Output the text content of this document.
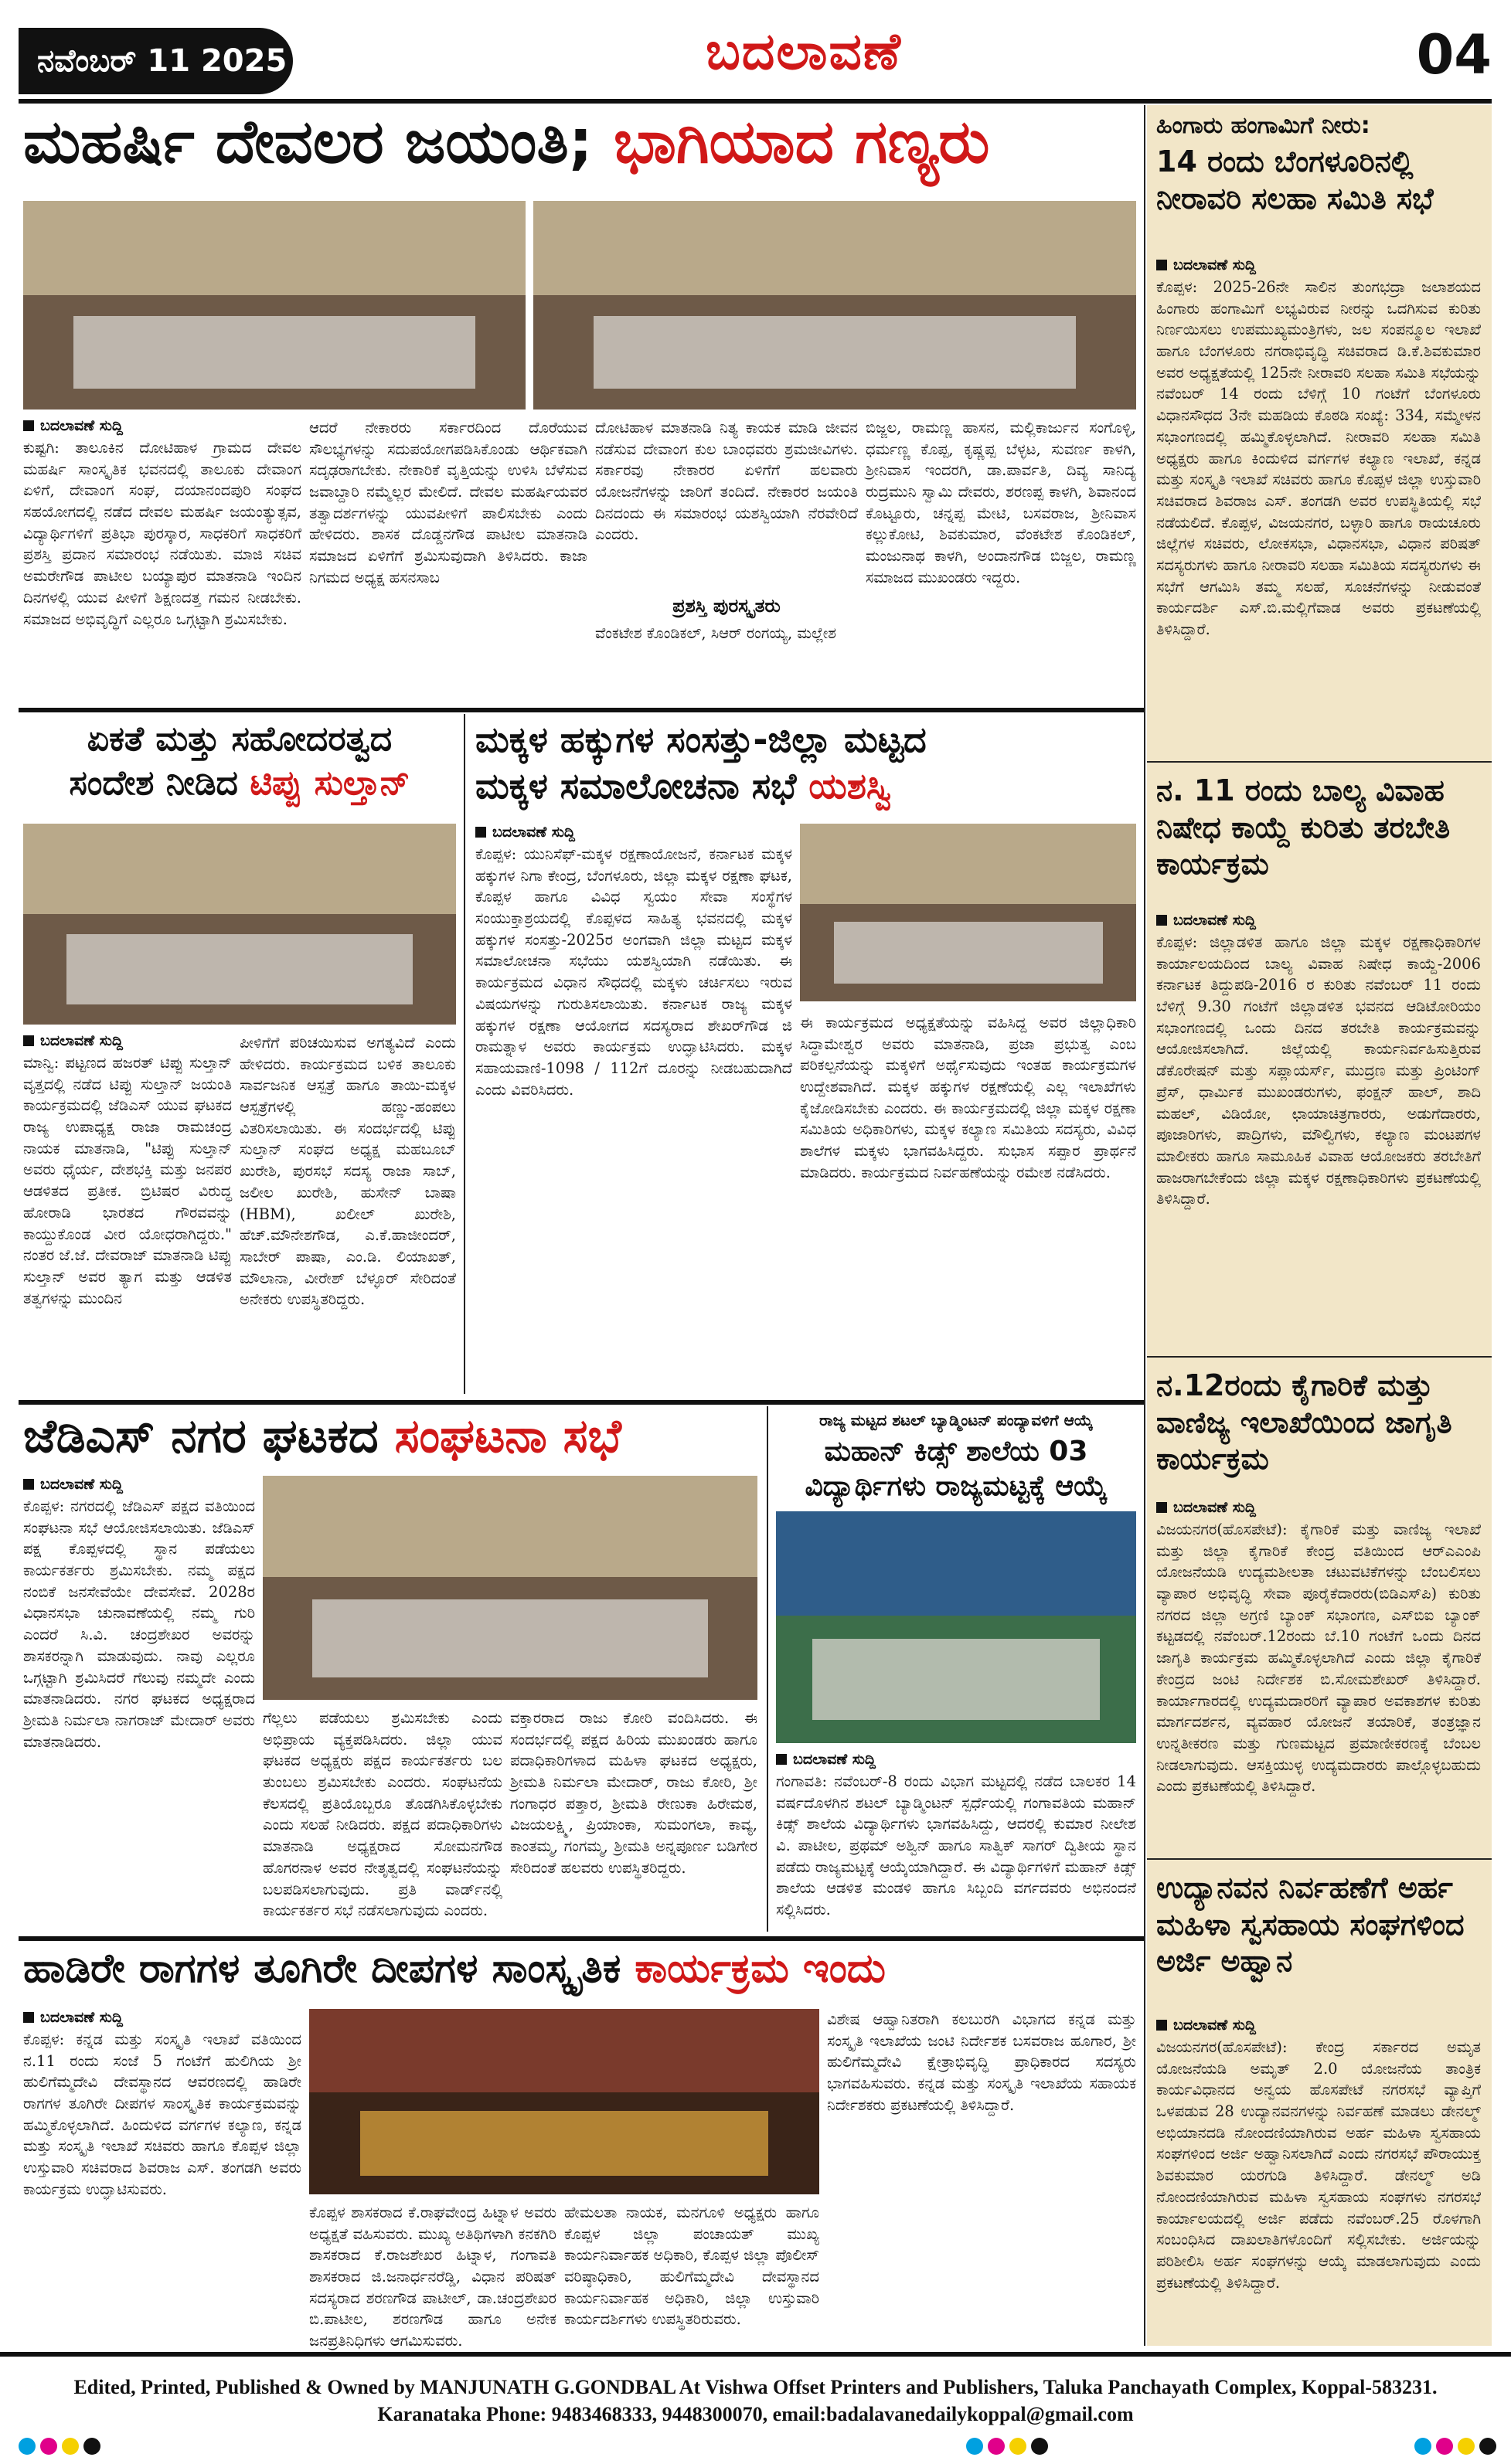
ನವೆಂಬರ್ 11 2025	ಬದಲಾವಣೆ	04
ಮಹರ್ಷಿ ದೇವಲರ ಜಯಂತಿ; ಭಾಗಿಯಾದ ಗಣ್ಯರು
ಬದಲಾವಣೆ ಸುದ್ದಿ
ಕುಷ್ಟಗಿ: ತಾಲೂಕಿನ ದೋಟಿಹಾಳ ಗ್ರಾಮದ ದೇವಲ ಮಹರ್ಷಿ ಸಾಂಸ್ಕೃತಿಕ ಭವನದಲ್ಲಿ ತಾಲೂಕು ದೇವಾಂಗ ಏಳಿಗೆ, ದೇವಾಂಗ ಸಂಘ, ದಯಾನಂದಪುರಿ ಸಂಘದ ಸಹಯೋಗದಲ್ಲಿ ನಡೆದ ದೇವಲ ಮಹರ್ಷಿ ಜಯಂತ್ಯುತ್ಸವ, ವಿದ್ಯಾರ್ಥಿಗಳಿಗೆ ಪ್ರತಿಭಾ ಪುರಸ್ಕಾರ, ಸಾಧಕರಿಗೆ ಸಾಧಕರಿಗೆ ಪ್ರಶಸ್ತಿ ಪ್ರದಾನ ಸಮಾರಂಭ ನಡೆಯಿತು. ಮಾಜಿ ಸಚಿವ ಅಮರೇಗೌಡ ಪಾಟೀಲ ಬಯ್ಯಾಪುರ ಮಾತನಾಡಿ ಇಂದಿನ ದಿನಗಳಲ್ಲಿ ಯುವ ಪೀಳಿಗೆ ಶಿಕ್ಷಣದತ್ತ ಗಮನ ನೀಡಬೇಕು. ಸಮಾಜದ ಅಭಿವೃದ್ಧಿಗೆ ಎಲ್ಲರೂ ಒಗ್ಗಟ್ಟಾಗಿ ಶ್ರಮಿಸಬೇಕು.
ಆದರೆ ನೇಕಾರರು ಸರ್ಕಾರದಿಂದ ದೊರೆಯುವ ಸೌಲಭ್ಯಗಳನ್ನು ಸದುಪಯೋಗಪಡಿಸಿಕೊಂಡು ಆರ್ಥಿಕವಾಗಿ ಸದೃಢರಾಗಬೇಕು. ನೇಕಾರಿಕೆ ವೃತ್ತಿಯನ್ನು ಉಳಿಸಿ ಬೆಳೆಸುವ ಜವಾಬ್ದಾರಿ ನಮ್ಮೆಲ್ಲರ ಮೇಲಿದೆ. ದೇವಲ ಮಹರ್ಷಿಯವರ ತತ್ವಾದರ್ಶಗಳನ್ನು ಯುವಪೀಳಿಗೆ ಪಾಲಿಸಬೇಕು ಎಂದು ಹೇಳಿದರು. ಶಾಸಕ ದೊಡ್ಡನಗೌಡ ಪಾಟೀಲ ಮಾತನಾಡಿ ಸಮಾಜದ ಏಳಿಗೆಗೆ ಶ್ರಮಿಸುವುದಾಗಿ ತಿಳಿಸಿದರು. ಕಾಜಾ ನಿಗಮದ ಅಧ್ಯಕ್ಷ ಹಸನಸಾಬ
ದೋಟಿಹಾಳ ಮಾತನಾಡಿ ನಿತ್ಯ ಕಾಯಕ ಮಾಡಿ ಜೀವನ ನಡೆಸುವ ದೇವಾಂಗ ಕುಲ ಬಾಂಧವರು ಶ್ರಮಜೀವಿಗಳು. ಸರ್ಕಾರವು ನೇಕಾರರ ಏಳಿಗೆಗೆ ಹಲವಾರು ಯೋಜನೆಗಳನ್ನು ಜಾರಿಗೆ ತಂದಿದೆ. ನೇಕಾರರ ಜಯಂತಿ ದಿನದಂದು ಈ ಸಮಾರಂಭ ಯಶಸ್ವಿಯಾಗಿ ನೆರವೇರಿದೆ ಎಂದರು.
ಪ್ರಶಸ್ತಿ ಪುರಸ್ಕೃತರು
ವೆಂಕಟೇಶ ಕೊಂಡಿಕಲ್, ಸಿಆರ್ ರಂಗಯ್ಯ, ಮಲ್ಲೇಶ
ಬಿಜ್ಜಲ, ರಾಮಣ್ಣ ಹಾಸನ, ಮಲ್ಲಿಕಾರ್ಜುನ ಸಂಗೊಳ್ಳಿ, ಧರ್ಮಣ್ಣ ಕೊಪ್ಪ, ಕೃಷ್ಣಪ್ಪ ಬೆಳ್ಳಟ, ಸುವರ್ಣ ಕಾಳಗಿ, ಶ್ರೀನಿವಾಸ ಇಂದರಗಿ, ಡಾ.ಪಾರ್ವತಿ, ದಿವ್ಯ ಸಾನಿದ್ಯ ರುದ್ರಮುನಿ ಸ್ವಾಮಿ ದೇವರು, ಶರಣಪ್ಪ ಕಾಳಗಿ, ಶಿವಾನಂದ ಕೊಟ್ಟೂರು, ಚನ್ನಪ್ಪ ಮೇಟಿ, ಬಸವರಾಜ, ಶ್ರೀನಿವಾಸ ಕಲ್ಲುಕೋಟಿ, ಶಿವಕುಮಾರ, ವೆಂಕಟೇಶ ಕೊಂಡಿಕಲ್, ಮಂಜುನಾಥ ಕಾಳಗಿ, ಅಂದಾನಗೌಡ ಬಿಜ್ಜಲ, ರಾಮಣ್ಣ ಸಮಾಜದ ಮುಖಂಡರು ಇದ್ದರು.
ಹಿಂಗಾರು ಹಂಗಾಮಿಗೆ ನೀರು:
14 ರಂದು ಬೆಂಗಳೂರಿನಲ್ಲಿ ನೀರಾವರಿ ಸಲಹಾ ಸಮಿತಿ ಸಭೆ
ಬದಲಾವಣೆ ಸುದ್ದಿ
ಕೊಪ್ಪಳ: 2025-26ನೇ ಸಾಲಿನ ತುಂಗಭದ್ರಾ ಜಲಾಶಯದ ಹಿಂಗಾರು ಹಂಗಾಮಿಗೆ ಲಭ್ಯವಿರುವ ನೀರನ್ನು ಒದಗಿಸುವ ಕುರಿತು ನಿರ್ಣಯಿಸಲು ಉಪಮುಖ್ಯಮಂತ್ರಿಗಳು, ಜಲ ಸಂಪನ್ಮೂಲ ಇಲಾಖೆ ಹಾಗೂ ಬೆಂಗಳೂರು ನಗರಾಭಿವೃದ್ಧಿ ಸಚಿವರಾದ ಡಿ.ಕೆ.ಶಿವಕುಮಾರ ಅವರ ಅಧ್ಯಕ್ಷತೆಯಲ್ಲಿ 125ನೇ ನೀರಾವರಿ ಸಲಹಾ ಸಮಿತಿ ಸಭೆಯನ್ನು ನವೆಂಬರ್ 14 ರಂದು ಬೆಳಿಗ್ಗೆ 10 ಗಂಟೆಗೆ ಬೆಂಗಳೂರು ವಿಧಾನಸೌಧದ 3ನೇ ಮಹಡಿಯ ಕೊಠಡಿ ಸಂಖ್ಯೆ: 334, ಸಮ್ಮೇಳನ ಸಭಾಂಗಣದಲ್ಲಿ ಹಮ್ಮಿಕೊಳ್ಳಲಾಗಿದೆ. ನೀರಾವರಿ ಸಲಹಾ ಸಮಿತಿ ಅಧ್ಯಕ್ಷರು ಹಾಗೂ ಕಿಂದುಳಿದ ವರ್ಗಗಳ ಕಲ್ಯಾಣ ಇಲಾಖೆ, ಕನ್ನಡ ಮತ್ತು ಸಂಸ್ಕೃತಿ ಇಲಾಖೆ ಸಚಿವರು ಹಾಗೂ ಕೊಪ್ಪಳ ಜಿಲ್ಲಾ ಉಸ್ತುವಾರಿ ಸಚಿವರಾದ ಶಿವರಾಜ ಎಸ್. ತಂಗಡಗಿ ಅವರ ಉಪಸ್ಥಿತಿಯಲ್ಲಿ ಸಭೆ ನಡೆಯಲಿದೆ. ಕೊಪ್ಪಳ, ವಿಜಯನಗರ, ಬಳ್ಳಾರಿ ಹಾಗೂ ರಾಯಚೂರು ಜಿಲ್ಲೆಗಳ ಸಚಿವರು, ಲೋಕಸಭಾ, ವಿಧಾನಸಭಾ, ವಿಧಾನ ಪರಿಷತ್ ಸದಸ್ಯರುಗಳು ಹಾಗೂ ನೀರಾವರಿ ಸಲಹಾ ಸಮಿತಿಯ ಸದಸ್ಯರುಗಳು ಈ ಸಭೆಗೆ ಆಗಮಿಸಿ ತಮ್ಮ ಸಲಹೆ, ಸೂಚನೆಗಳನ್ನು ನೀಡುವಂತೆ ಕಾರ್ಯದರ್ಶಿ ಎಸ್.ಬಿ.ಮಲ್ಲಿಗೆವಾಡ ಅವರು ಪ್ರಕಟಣೆಯಲ್ಲಿ ತಿಳಿಸಿದ್ದಾರೆ.
ನ. 11 ರಂದು ಬಾಲ್ಯ ವಿವಾಹ ನಿಷೇಧ ಕಾಯ್ದೆ ಕುರಿತು ತರಬೇತಿ ಕಾರ್ಯಕ್ರಮ
ಬದಲಾವಣೆ ಸುದ್ದಿ
ಕೊಪ್ಪಳ: ಜಿಲ್ಲಾಡಳಿತ ಹಾಗೂ ಜಿಲ್ಲಾ ಮಕ್ಕಳ ರಕ್ಷಣಾಧಿಕಾರಿಗಳ ಕಾರ್ಯಾಲಯದಿಂದ ಬಾಲ್ಯ ವಿವಾಹ ನಿಷೇಧ ಕಾಯ್ದೆ-2006 ಕರ್ನಾಟಕ ತಿದ್ದುಪಡಿ-2016 ರ ಕುರಿತು ನವೆಂಬರ್ 11 ರಂದು ಬೆಳಿಗ್ಗೆ 9.30 ಗಂಟೆಗೆ ಜಿಲ್ಲಾಡಳಿತ ಭವನದ ಆಡಿಟೋರಿಯಂ ಸಭಾಂಗಣದಲ್ಲಿ ಒಂದು ದಿನದ ತರಬೇತಿ ಕಾರ್ಯಕ್ರಮವನ್ನು ಆಯೋಜಿಸಲಾಗಿದೆ. ಜಿಲ್ಲೆಯಲ್ಲಿ ಕಾರ್ಯನಿರ್ವಹಿಸುತ್ತಿರುವ ಡೆಕೊರೇಷನ್ ಮತ್ತು ಸಪ್ಲಾಯರ್ಸ್, ಮುದ್ರಣ ಮತ್ತು ಪ್ರಿಂಟಿಂಗ್ ಪ್ರೆಸ್, ಧಾರ್ಮಿಕ ಮುಖಂಡರುಗಳು, ಫಂಕ್ಷನ್ ಹಾಲ್, ಶಾದಿ ಮಹಲ್, ವಿಡಿಯೋ, ಛಾಯಾಚಿತ್ರಗಾರರು, ಅಡುಗೆದಾರರು, ಪೂಜಾರಿಗಳು, ಪಾದ್ರಿಗಳು, ಮೌಲ್ವಿಗಳು, ಕಲ್ಯಾಣ ಮಂಟಪಗಳ ಮಾಲೀಕರು ಹಾಗೂ ಸಾಮೂಹಿಕ ವಿವಾಹ ಆಯೋಜಕರು ತರಬೇತಿಗೆ ಹಾಜರಾಗಬೇಕೆಂದು ಜಿಲ್ಲಾ ಮಕ್ಕಳ ರಕ್ಷಣಾಧಿಕಾರಿಗಳು ಪ್ರಕಟಣೆಯಲ್ಲಿ ತಿಳಿಸಿದ್ದಾರೆ.
ನ.12ರಂದು ಕೈಗಾರಿಕೆ ಮತ್ತು ವಾಣಿಜ್ಯ ಇಲಾಖೆಯಿಂದ ಜಾಗೃತಿ ಕಾರ್ಯಕ್ರಮ
ಬದಲಾವಣೆ ಸುದ್ದಿ
ವಿಜಯನಗರ(ಹೊಸಪೇಟೆ): ಕೈಗಾರಿಕೆ ಮತ್ತು ವಾಣಿಜ್ಯ ಇಲಾಖೆ ಮತ್ತು ಜಿಲ್ಲಾ ಕೈಗಾರಿಕೆ ಕೇಂದ್ರ ವತಿಯಿಂದ ಆರ್‌ಎಎಂಪಿ ಯೋಜನೆಯಡಿ ಉದ್ಯಮಶೀಲತಾ ಚಟುವಟಿಕೆಗಳನ್ನು ಬೆಂಬಲಿಸಲು ವ್ಯಾಪಾರ ಅಭಿವೃದ್ಧಿ ಸೇವಾ ಪೂರೈಕೆದಾರರು(ಬಿಡಿಎಸ್‌ಪಿ) ಕುರಿತು ನಗರದ ಜಿಲ್ಲಾ ಅಗ್ರಣಿ ಬ್ಯಾಂಕ್ ಸಭಾಂಗಣ, ಎಸ್‌ಬಿಐ ಬ್ಯಾಂಕ್ ಕಟ್ಟಡದಲ್ಲಿ ನವೆಂಬರ್.12ರಂದು ಬೆ.10 ಗಂಟೆಗೆ ಒಂದು ದಿನದ ಜಾಗೃತಿ ಕಾರ್ಯಕ್ರಮ ಹಮ್ಮಿಕೊಳ್ಳಲಾಗಿದೆ ಎಂದು ಜಿಲ್ಲಾ ಕೈಗಾರಿಕೆ ಕೇಂದ್ರದ ಜಂಟಿ ನಿರ್ದೇಶಕ ಬಿ.ಸೋಮಶೇಖರ್ ತಿಳಿಸಿದ್ದಾರೆ. ಕಾರ್ಯಾಗಾರದಲ್ಲಿ ಉದ್ಯಮದಾರರಿಗೆ ವ್ಯಾಪಾರ ಅವಕಾಶಗಳ ಕುರಿತು ಮಾರ್ಗದರ್ಶನ, ವ್ಯವಹಾರ ಯೋಜನೆ ತಯಾರಿಕೆ, ತಂತ್ರಜ್ಞಾನ ಉನ್ನತೀಕರಣ ಮತ್ತು ಗುಣಮಟ್ಟದ ಪ್ರಮಾಣೀಕರಣಕ್ಕೆ ಬೆಂಬಲ ನೀಡಲಾಗುವುದು. ಆಸಕ್ತಿಯುಳ್ಳ ಉದ್ಯಮದಾರರು ಪಾಲ್ಗೊಳ್ಳಬಹುದು ಎಂದು ಪ್ರಕಟಣೆಯಲ್ಲಿ ತಿಳಿಸಿದ್ದಾರೆ.
ಉದ್ಯಾನವನ ನಿರ್ವಹಣೆಗೆ ಅರ್ಹ ಮಹಿಳಾ ಸ್ವಸಹಾಯ ಸಂಘಗಳಿಂದ ಅರ್ಜಿ ಅಹ್ವಾನ
ಬದಲಾವಣೆ ಸುದ್ದಿ
ವಿಜಯನಗರ(ಹೊಸಪೇಟೆ): ಕೇಂದ್ರ ಸರ್ಕಾರದ ಅಮೃತ ಯೋಜನೆಯಡಿ ಅಮೃತ್ 2.0 ಯೋಜನೆಯ ತಾಂತ್ರಿಕ ಕಾರ್ಯವಿಧಾನದ ಅನ್ವಯ ಹೊಸಪೇಟೆ ನಗರಸಭೆ ವ್ಯಾಪ್ತಿಗೆ ಒಳಪಡುವ 28 ಉದ್ಯಾನವನಗಳನ್ನು ನಿರ್ವಹಣೆ ಮಾಡಲು ಡೇನಲ್ಮ್ ಅಭಿಯಾನದಡಿ ನೋಂದಣಿಯಾಗಿರುವ ಅರ್ಹ ಮಹಿಳಾ ಸ್ವಸಹಾಯ ಸಂಘಗಳಿಂದ ಅರ್ಜಿ ಅಹ್ವಾನಿಸಲಾಗಿದೆ ಎಂದು ನಗರಸಭೆ ಪೌರಾಯುಕ್ತ ಶಿವಕುಮಾರ ಯರಗುಡಿ ತಿಳಿಸಿದ್ದಾರೆ. ಡೇನಲ್ಮ್ ಅಡಿ ನೋಂದಣಿಯಾಗಿರುವ ಮಹಿಳಾ ಸ್ವಸಹಾಯ ಸಂಘಗಳು ನಗರಸಭೆ ಕಾರ್ಯಾಲಯದಲ್ಲಿ ಅರ್ಜಿ ಪಡೆದು ನವೆಂಬರ್.25 ರೊಳಗಾಗಿ ಸಂಬಂಧಿಸಿದ ದಾಖಲಾತಿಗಳೊಂದಿಗೆ ಸಲ್ಲಿಸಬೇಕು. ಅರ್ಜಿಯನ್ನು ಪರಿಶೀಲಿಸಿ ಅರ್ಹ ಸಂಘಗಳನ್ನು ಆಯ್ಕೆ ಮಾಡಲಾಗುವುದು ಎಂದು ಪ್ರಕಟಣೆಯಲ್ಲಿ ತಿಳಿಸಿದ್ದಾರೆ.
ಏಕತೆ ಮತ್ತು ಸಹೋದರತ್ವದ
ಸಂದೇಶ ನೀಡಿದ ಟಿಪ್ಪು ಸುಲ್ತಾನ್
ಬದಲಾವಣೆ ಸುದ್ದಿ
ಮಾನ್ವಿ: ಪಟ್ಟಣದ ಹಜರತ್ ಟಿಪ್ಪು ಸುಲ್ತಾನ್ ವೃತ್ತದಲ್ಲಿ ನಡೆದ ಟಿಪ್ಪು ಸುಲ್ತಾನ್ ಜಯಂತಿ ಕಾರ್ಯಕ್ರಮದಲ್ಲಿ ಜೆಡಿಎಸ್ ಯುವ ಘಟಕದ ರಾಜ್ಯ ಉಪಾಧ್ಯಕ್ಷ ರಾಜಾ ರಾಮಚಂದ್ರ ನಾಯಕ ಮಾತನಾಡಿ, "ಟಿಪ್ಪು ಸುಲ್ತಾನ್ ಅವರು ಧೈರ್ಯ, ದೇಶಭಕ್ತಿ ಮತ್ತು ಜನಪರ ಆಡಳಿತದ ಪ್ರತೀಕ. ಬ್ರಿಟಿಷರ ವಿರುದ್ಧ ಹೋರಾಡಿ ಭಾರತದ ಗೌರವವನ್ನು ಕಾಯ್ದುಕೊಂಡ ವೀರ ಯೋಧರಾಗಿದ್ದರು." ನಂತರ ಜೆ.ಜೆ. ದೇವರಾಜ್ ಮಾತನಾಡಿ ಟಿಪ್ಪು ಸುಲ್ತಾನ್ ಅವರ ತ್ಯಾಗ ಮತ್ತು ಆಡಳಿತ ತತ್ವಗಳನ್ನು ಮುಂದಿನ
ಪೀಳಿಗೆಗೆ ಪರಿಚಯಿಸುವ ಅಗತ್ಯವಿದೆ ಎಂದು ಹೇಳಿದರು. ಕಾರ್ಯಕ್ರಮದ ಬಳಿಕ ತಾಲೂಕು ಸಾರ್ವಜನಿಕ ಆಸ್ಪತ್ರೆ ಹಾಗೂ ತಾಯಿ-ಮಕ್ಕಳ ಆಸ್ಪತ್ರೆಗಳಲ್ಲಿ ಹಣ್ಣು-ಹಂಪಲು ವಿತರಿಸಲಾಯಿತು. ಈ ಸಂದರ್ಭದಲ್ಲಿ ಟಿಪ್ಪು ಸುಲ್ತಾನ್ ಸಂಘದ ಅಧ್ಯಕ್ಷ ಮಹಬೂಬ್ ಖುರೇಶಿ, ಪುರಸಭೆ ಸದಸ್ಯ ರಾಜಾ ಸಾಬ್, ಜಲೀಲ ಖುರೇಶಿ, ಹುಸೇನ್ ಬಾಷಾ (HBM), ಖಲೀಲ್ ಖುರೇಶಿ, ಹೆಚ್.ಮೌನೇಶಗೌಡ, ಎ.ಕೆ.ಹಾಜೀಂದರ್, ಸಾಬೇರ್ ಪಾಷಾ, ಎಂ.ಡಿ. ಲಿಯಾಖತ್, ಮೌಲಾನಾ, ವೀರೇಶ್ ಬೆಳ್ಳೂರ್ ಸೇರಿದಂತೆ ಅನೇಕರು ಉಪಸ್ಥಿತರಿದ್ದರು.
ಮಕ್ಕಳ ಹಕ್ಕುಗಳ ಸಂಸತ್ತು-ಜಿಲ್ಲಾ ಮಟ್ಟದ
ಮಕ್ಕಳ ಸಮಾಲೋಚನಾ ಸಭೆ ಯಶಸ್ವಿ
ಬದಲಾವಣೆ ಸುದ್ದಿ
ಕೊಪ್ಪಳ: ಯುನಿಸೆಫ್-ಮಕ್ಕಳ ರಕ್ಷಣಾಯೋಜನೆ, ಕರ್ನಾಟಕ ಮಕ್ಕಳ ಹಕ್ಕುಗಳ ನಿಗಾ ಕೇಂದ್ರ, ಬೆಂಗಳೂರು, ಜಿಲ್ಲಾ ಮಕ್ಕಳ ರಕ್ಷಣಾ ಘಟಕ, ಕೊಪ್ಪಳ ಹಾಗೂ ವಿವಿಧ ಸ್ವಯಂ ಸೇವಾ ಸಂಸ್ಥೆಗಳ ಸಂಯುಕ್ತಾಶ್ರಯದಲ್ಲಿ ಕೊಪ್ಪಳದ ಸಾಹಿತ್ಯ ಭವನದಲ್ಲಿ ಮಕ್ಕಳ ಹಕ್ಕುಗಳ ಸಂಸತ್ತು-2025ರ ಅಂಗವಾಗಿ ಜಿಲ್ಲಾ ಮಟ್ಟದ ಮಕ್ಕಳ ಸಮಾಲೋಚನಾ ಸಭೆಯು ಯಶಸ್ವಿಯಾಗಿ ನಡೆಯಿತು. ಈ ಕಾರ್ಯಕ್ರಮದ ವಿಧಾನ ಸೌಧದಲ್ಲಿ ಮಕ್ಕಳು ಚರ್ಚಿಸಲು ಇರುವ ವಿಷಯಗಳನ್ನು ಗುರುತಿಸಲಾಯಿತು. ಕರ್ನಾಟಕ ರಾಜ್ಯ ಮಕ್ಕಳ ಹಕ್ಕುಗಳ ರಕ್ಷಣಾ ಆಯೋಗದ ಸದಸ್ಯರಾದ ಶೇಖರ್‌ಗೌಡ ಜಿ ರಾಮತ್ನಾಳ ಅವರು ಕಾರ್ಯಕ್ರಮ ಉದ್ಘಾಟಿಸಿದರು. ಮಕ್ಕಳ ಸಹಾಯವಾಣಿ-1098 / 112ಗೆ ದೂರನ್ನು ನೀಡಬಹುದಾಗಿದೆ ಎಂದು ವಿವರಿಸಿದರು.
ಈ ಕಾರ್ಯಕ್ರಮದ ಅಧ್ಯಕ್ಷತೆಯನ್ನು ವಹಿಸಿದ್ದ ಅವರ ಜಿಲ್ಲಾಧಿಕಾರಿ ಸಿದ್ಧಾಮೇಶ್ವರ ಅವರು ಮಾತನಾಡಿ, ಪ್ರಜಾ ಪ್ರಭುತ್ವ ಎಂಬ ಪರಿಕಲ್ಪನೆಯನ್ನು ಮಕ್ಕಳಿಗೆ ಅರ್ಥೈಸುವುದು ಇಂತಹ ಕಾರ್ಯಕ್ರಮಗಳ ಉದ್ದೇಶವಾಗಿದೆ. ಮಕ್ಕಳ ಹಕ್ಕುಗಳ ರಕ್ಷಣೆಯಲ್ಲಿ ಎಲ್ಲ ಇಲಾಖೆಗಳು ಕೈಜೋಡಿಸಬೇಕು ಎಂದರು. ಈ ಕಾರ್ಯಕ್ರಮದಲ್ಲಿ ಜಿಲ್ಲಾ ಮಕ್ಕಳ ರಕ್ಷಣಾ ಸಮಿತಿಯ ಅಧಿಕಾರಿಗಳು, ಮಕ್ಕಳ ಕಲ್ಯಾಣ ಸಮಿತಿಯ ಸದಸ್ಯರು, ವಿವಿಧ ಶಾಲೆಗಳ ಮಕ್ಕಳು ಭಾಗವಹಿಸಿದ್ದರು. ಸುಭಾಸ ಸಪ್ಪಾರ ಪ್ರಾರ್ಥನೆ ಮಾಡಿದರು. ಕಾರ್ಯಕ್ರಮದ ನಿರ್ವಹಣೆಯನ್ನು ರಮೇಶ ನಡೆಸಿದರು.
ಜೆಡಿಎಸ್ ನಗರ ಘಟಕದ ಸಂಘಟನಾ ಸಭೆ
ಬದಲಾವಣೆ ಸುದ್ದಿ
ಕೊಪ್ಪಳ: ನಗರದಲ್ಲಿ ಜೆಡಿಎಸ್ ಪಕ್ಷದ ವತಿಯಿಂದ ಸಂಘಟನಾ ಸಭೆ ಆಯೋಜಿಸಲಾಯಿತು. ಜೆಡಿಎಸ್ ಪಕ್ಷ ಕೊಪ್ಪಳದಲ್ಲಿ ಸ್ಥಾನ ಪಡೆಯಲು ಕಾರ್ಯಕರ್ತರು ಶ್ರಮಿಸಬೇಕು. ನಮ್ಮ ಪಕ್ಷದ ನಂಬಿಕೆ ಜನಸೇವೆಯೇ ದೇವಸೇವೆ. 2028ರ ವಿಧಾನಸಭಾ ಚುನಾವಣೆಯಲ್ಲಿ ನಮ್ಮ ಗುರಿ ಎಂದರೆ ಸಿ.ವಿ. ಚಂದ್ರಶೇಖರ ಅವರನ್ನು ಶಾಸಕರನ್ನಾಗಿ ಮಾಡುವುದು. ನಾವು ಎಲ್ಲರೂ ಒಗ್ಗಟ್ಟಾಗಿ ಶ್ರಮಿಸಿದರೆ ಗೆಲುವು ನಮ್ಮದೇ ಎಂದು ಮಾತನಾಡಿದರು. ನಗರ ಘಟಕದ ಅಧ್ಯಕ್ಷರಾದ ಶ್ರೀಮತಿ ನಿರ್ಮಲಾ ನಾಗರಾಜ್ ಮೇದಾರ್ ಅವರು ಮಾತನಾಡಿದರು.
ಗೆಲ್ಲಲು ಪಡೆಯಲು ಶ್ರಮಿಸಬೇಕು ಎಂದು ಅಭಿಪ್ರಾಯ ವ್ಯಕ್ತಪಡಿಸಿದರು. ಜಿಲ್ಲಾ ಯುವ ಘಟಕದ ಅಧ್ಯಕ್ಷರು ಪಕ್ಷದ ಕಾರ್ಯಕರ್ತರು ಬಲ ತುಂಬಲು ಶ್ರಮಿಸಬೇಕು ಎಂದರು. ಸಂಘಟನೆಯ ಕೆಲಸದಲ್ಲಿ ಪ್ರತಿಯೊಬ್ಬರೂ ತೊಡಗಿಸಿಕೊಳ್ಳಬೇಕು ಎಂದು ಸಲಹೆ ನೀಡಿದರು. ಪಕ್ಷದ ಪದಾಧಿಕಾರಿಗಳು ಮಾತನಾಡಿ ಅಧ್ಯಕ್ಷರಾದ ಸೋಮನಗೌಡ ಹೊಗರನಾಳ ಅವರ ನೇತೃತ್ವದಲ್ಲಿ ಸಂಘಟನೆಯನ್ನು ಬಲಪಡಿಸಲಾಗುವುದು. ಪ್ರತಿ ವಾರ್ಡ್‌ನಲ್ಲಿ ಕಾರ್ಯಕರ್ತರ ಸಭೆ ನಡೆಸಲಾಗುವುದು ಎಂದರು.
ವಕ್ತಾರರಾದ ರಾಜು ಕೋರಿ ವಂದಿಸಿದರು. ಈ ಸಂದರ್ಭದಲ್ಲಿ ಪಕ್ಷದ ಹಿರಿಯ ಮುಖಂಡರು ಹಾಗೂ ಪದಾಧಿಕಾರಿಗಳಾದ ಮಹಿಳಾ ಘಟಕದ ಅಧ್ಯಕ್ಷರು, ಶ್ರೀಮತಿ ನಿರ್ಮಲಾ ಮೇದಾರ್, ರಾಜು ಕೋರಿ, ಶ್ರೀ ಗಂಗಾಧರ ಪತ್ತಾರ, ಶ್ರೀಮತಿ ರೇಣುಕಾ ಹಿರೇಮಠ, ವಿಜಯಲಕ್ಷ್ಮಿ, ಪ್ರಿಯಾಂಕಾ, ಸುಮಂಗಲಾ, ಕಾವ್ಯ, ಕಾಂತಮ್ಮ, ಗಂಗಮ್ಮ, ಶ್ರೀಮತಿ ಅನ್ನಪೂರ್ಣ ಬಡಿಗೇರ ಸೇರಿದಂತೆ ಹಲವರು ಉಪಸ್ಥಿತರಿದ್ದರು.
ರಾಜ್ಯ ಮಟ್ಟದ ಶಟಲ್ ಬ್ಯಾಡ್ಮಿಂಟನ್ ಪಂದ್ಯಾವಳಿಗೆ ಆಯ್ಕೆ
ಮಹಾನ್ ಕಿಡ್ಸ್ ಶಾಲೆಯ 03 ವಿದ್ಯಾರ್ಥಿಗಳು ರಾಜ್ಯಮಟ್ಟಕ್ಕೆ ಆಯ್ಕೆ
ಬದಲಾವಣೆ ಸುದ್ದಿ
ಗಂಗಾವತಿ: ನವೆಂಬರ್-8 ರಂದು ವಿಭಾಗ ಮಟ್ಟದಲ್ಲಿ ನಡೆದ ಬಾಲಕರ 14 ವರ್ಷದೊಳಗಿನ ಶಟಲ್ ಬ್ಯಾಡ್ಮಿಂಟನ್ ಸ್ಪರ್ಧೆಯಲ್ಲಿ ಗಂಗಾವತಿಯ ಮಹಾನ್ ಕಿಡ್ಸ್ ಶಾಲೆಯ ವಿದ್ಯಾರ್ಥಿಗಳು ಭಾಗವಹಿಸಿದ್ದು, ಆದರಲ್ಲಿ ಕುಮಾರ ನೀಲೇಶ ವಿ. ಪಾಟೀಲ, ಪ್ರಥಮ್ ಅಶ್ವಿನ್ ಹಾಗೂ ಸಾತ್ವಿಕ್ ಸಾಗರ್ ದ್ವಿತೀಯ ಸ್ಥಾನ ಪಡೆದು ರಾಜ್ಯಮಟ್ಟಕ್ಕೆ ಆಯ್ಕೆಯಾಗಿದ್ದಾರೆ. ಈ ವಿದ್ಯಾರ್ಥಿಗಳಿಗೆ ಮಹಾನ್ ಕಿಡ್ಸ್ ಶಾಲೆಯ ಆಡಳಿತ ಮಂಡಳಿ ಹಾಗೂ ಸಿಬ್ಬಂದಿ ವರ್ಗದವರು ಅಭಿನಂದನೆ ಸಲ್ಲಿಸಿದರು.
ಹಾಡಿರೇ ರಾಗಗಳ ತೂಗಿರೇ ದೀಪಗಳ ಸಾಂಸ್ಕೃತಿಕ ಕಾರ್ಯಕ್ರಮ ಇಂದು
ಬದಲಾವಣೆ ಸುದ್ದಿ
ಕೊಪ್ಪಳ: ಕನ್ನಡ ಮತ್ತು ಸಂಸ್ಕೃತಿ ಇಲಾಖೆ ವತಿಯಿಂದ ನ.11 ರಂದು ಸಂಜೆ 5 ಗಂಟೆಗೆ ಹುಲಿಗಿಯ ಶ್ರೀ ಹುಲಿಗೆಮ್ಮದೇವಿ ದೇವಸ್ಥಾನದ ಆವರಣದಲ್ಲಿ ಹಾಡಿರೇ ರಾಗಗಳ ತೂಗಿರೇ ದೀಪಗಳ ಸಾಂಸ್ಕೃತಿಕ ಕಾರ್ಯಕ್ರಮವನ್ನು ಹಮ್ಮಿಕೊಳ್ಳಲಾಗಿದೆ. ಹಿಂದುಳಿದ ವರ್ಗಗಳ ಕಲ್ಯಾಣ, ಕನ್ನಡ ಮತ್ತು ಸಂಸ್ಕೃತಿ ಇಲಾಖೆ ಸಚಿವರು ಹಾಗೂ ಕೊಪ್ಪಳ ಜಿಲ್ಲಾ ಉಸ್ತುವಾರಿ ಸಚಿವರಾದ ಶಿವರಾಜ ಎಸ್. ತಂಗಡಗಿ ಅವರು ಕಾರ್ಯಕ್ರಮ ಉದ್ಘಾಟಿಸುವರು.
ಕೊಪ್ಪಳ ಶಾಸಕರಾದ ಕೆ.ರಾಘವೇಂದ್ರ ಹಿಟ್ನಾಳ ಅವರು ಅಧ್ಯಕ್ಷತೆ ವಹಿಸುವರು. ಮುಖ್ಯ ಅತಿಥಿಗಳಾಗಿ ಕನಕಗಿರಿ ಶಾಸಕರಾದ ಕೆ.ರಾಜಶೇಖರ ಹಿಟ್ನಾಳ, ಗಂಗಾವತಿ ಶಾಸಕರಾದ ಜಿ.ಜನಾರ್ಧನರೆಡ್ಡಿ, ವಿಧಾನ ಪರಿಷತ್ ಸದಸ್ಯರಾದ ಶರಣಗೌಡ ಪಾಟೀಲ್, ಡಾ.ಚಂದ್ರಶೇಖರ ಬಿ.ಪಾಟೀಲ, ಶರಣಗೌಡ ಹಾಗೂ ಅನೇಕ ಜನಪ್ರತಿನಿಧಿಗಳು ಆಗಮಿಸುವರು.
ಹೇಮಲತಾ ನಾಯಕ, ಮನಗೂಳಿ ಅಧ್ಯಕ್ಷರು ಹಾಗೂ ಕೊಪ್ಪಳ ಜಿಲ್ಲಾ ಪಂಚಾಯತ್ ಮುಖ್ಯ ಕಾರ್ಯನಿರ್ವಾಹಕ ಅಧಿಕಾರಿ, ಕೊಪ್ಪಳ ಜಿಲ್ಲಾ ಪೊಲೀಸ್ ವರಿಷ್ಠಾಧಿಕಾರಿ, ಹುಲಿಗೆಮ್ಮದೇವಿ ದೇವಸ್ಥಾನದ ಕಾರ್ಯನಿರ್ವಾಹಕ ಅಧಿಕಾರಿ, ಜಿಲ್ಲಾ ಉಸ್ತುವಾರಿ ಕಾರ್ಯದರ್ಶಿಗಳು ಉಪಸ್ಥಿತರಿರುವರು.
ವಿಶೇಷ ಆಹ್ವಾನಿತರಾಗಿ ಕಲಬುರಗಿ ವಿಭಾಗದ ಕನ್ನಡ ಮತ್ತು ಸಂಸ್ಕೃತಿ ಇಲಾಖೆಯ ಜಂಟಿ ನಿರ್ದೇಶಕ ಬಸವರಾಜ ಹೂಗಾರ, ಶ್ರೀ ಹುಲಿಗೆಮ್ಮದೇವಿ ಕ್ಷೇತ್ರಾಭಿವೃದ್ಧಿ ಪ್ರಾಧಿಕಾರದ ಸದಸ್ಯರು ಭಾಗವಹಿಸುವರು. ಕನ್ನಡ ಮತ್ತು ಸಂಸ್ಕೃತಿ ಇಲಾಖೆಯ ಸಹಾಯಕ ನಿರ್ದೇಶಕರು ಪ್ರಕಟಣೆಯಲ್ಲಿ ತಿಳಿಸಿದ್ದಾರೆ.
Edited, Printed, Published & Owned by MANJUNATH G.GONDBAL At Vishwa Offset Printers and Publishers, Taluka Panchayath Complex, Koppal-583231.
Karanataka Phone: 9483468333, 9448300070, email:badalavanedailykoppal@gmail.com
